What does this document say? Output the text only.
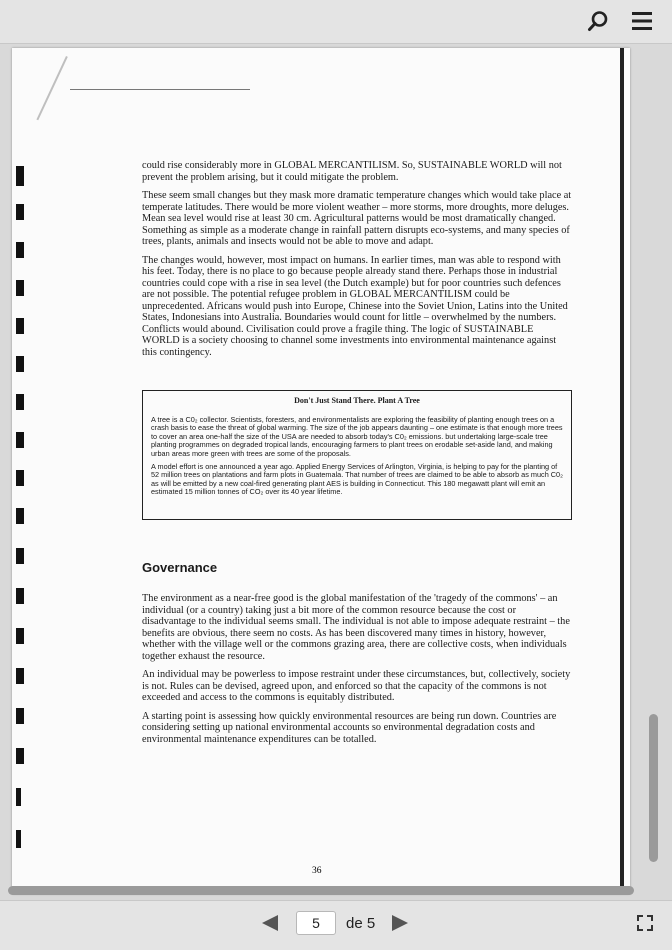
could rise considerably more in GLOBAL MERCANTILISM. So, SUSTAINABLE WORLD will not prevent the problem arising, but it could mitigate the problem.

These seem small changes but they mask more dramatic temperature changes which would take place at temperate latitudes. There would be more violent weather – more storms, more droughts, more deluges. Mean sea level would rise at least 30 cm. Agricultural patterns would be most dramatically changed. Something as simple as a moderate change in rainfall pattern disrupts eco-systems, and many species of trees, plants, animals and insects would not be able to move and adapt.

The changes would, however, most impact on humans. In earlier times, man was able to respond with his feet. Today, there is no place to go because people already stand there. Perhaps those in industrial countries could cope with a rise in sea level (the Dutch example) but for poor countries such defences are not possible. The potential refugee problem in GLOBAL MERCANTILISM could be unprecedented. Africans would push into Europe, Chinese into the Soviet Union, Latins into the United States, Indonesians into Australia. Boundaries would count for little – overwhelmed by the numbers. Conflicts would abound. Civilisation could prove a fragile thing. The logic of SUSTAINABLE WORLD is a society choosing to channel some investments into environmental maintenance against this contingency.

Don't Just Stand There. Plant A Tree

A tree is a C0₂ collector. Scientists, foresters, and environmentalists are exploring the feasibility of planting enough trees on a crash basis to ease the threat of global warming. The size of the job appears daunting – one estimate is that enough more trees to cover an area one-half the size of the USA are needed to absorb today's C0₂ emissions. but undertaking large-scale tree planting programmes on degraded tropical lands, encouraging farmers to plant trees on erodable set-aside land, and making urban areas more green with trees are some of the proposals.

A model effort is one announced a year ago. Applied Energy Services of Arlington, Virginia, is helping to pay for the planting of 52 million trees on plantations and farm plots in Guatemala. That number of trees are claimed to be able to absorb as much C0₂ as will be emitted by a new coal-fired generating plant AES is building in Connecticut. This 180 megawatt plant will emit an estimated 15 million tonnes of CO₂ over its 40 year lifetime.

Governance

The environment as a near-free good is the global manifestation of the 'tragedy of the commons' – an individual (or a country) taking just a bit more of the common resource because the cost or disadvantage to the individual seems small. The individual is not able to impose adequate restraint – the benefits are obvious, there seem no costs. As has been discovered many times in history, however, whether with the village well or the commons grazing area, there are collective costs, when individuals together exhaust the resource.

An individual may be powerless to impose restraint under these circumstances, but, collectively, society is not. Rules can be devised, agreed upon, and enforced so that the capacity of the commons is not exceeded and access to the commons is equitably distributed.

A starting point is assessing how quickly environmental resources are being run down. Countries are considering setting up national environmental accounts so environmental degradation costs and environmental maintenance expenditures can be totalled.

36
5
de 5
